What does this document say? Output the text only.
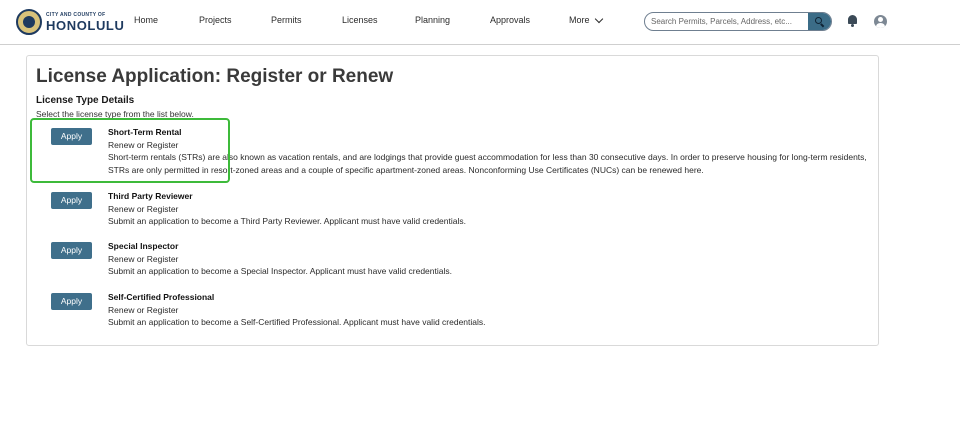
CITY AND COUNTY OF
HONOLULU Home	Projects	Permits	Licenses	Planning	Approvals	More
Search Permits, Parcels, Address, etc...
License Application: Register or Renew
License Type Details
Select the license type from the list below.
Apply	Short-Term Rental
Renew or Register
Short-term rentals (STRs) are also known as vacation rentals, and are lodgings that provide guest accommodation for less than 30 consecutive days. In order to preserve housing for long-term residents, STRs are only permitted in resort-zoned areas and a couple of specific apartment-zoned areas. Nonconforming Use Certificates (NUCs) can be renewed here.
Apply	Third Party Reviewer
Renew or Register
Submit an application to become a Third Party Reviewer. Applicant must have valid credentials.
Apply	Special Inspector
Renew or Register
Submit an application to become a Special Inspector. Applicant must have valid credentials.
Apply	Self-Certified Professional
Renew or Register
Submit an application to become a Self-Certified Professional. Applicant must have valid credentials.
